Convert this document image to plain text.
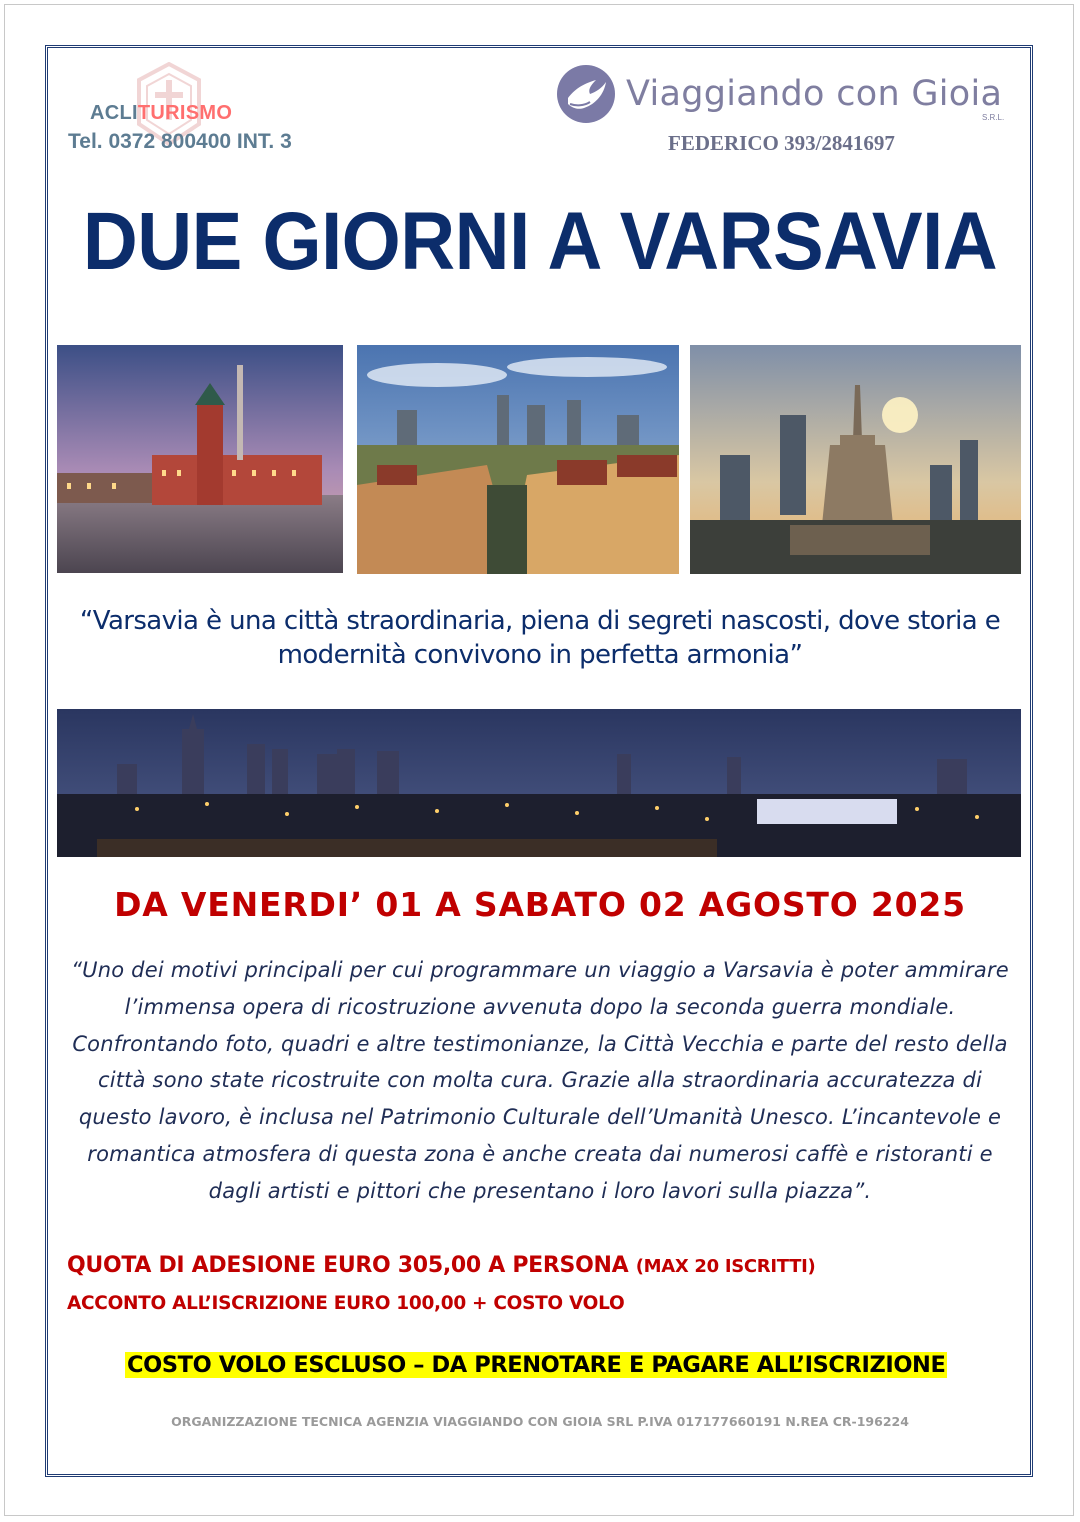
ACLITURISMO
Tel. 0372 800400 INT. 3
Viaggiando con Gioia
S.R.L.
FEDERICO 393/2841697
DUE GIORNI A VARSAVIA
“Varsavia è una città straordinaria, piena di segreti nascosti, dove storia e modernità convivono in perfetta armonia”
DA VENERDI’ 01 A SABATO 02 AGOSTO 2025
“Uno dei motivi principali per cui programmare un viaggio a Varsavia è poter ammirare l’immensa opera di ricostruzione avvenuta dopo la seconda guerra mondiale. Confrontando foto, quadri e altre testimonianze, la Città Vecchia e parte del resto della città sono state ricostruite con molta cura. Grazie alla straordinaria accuratezza di questo lavoro, è inclusa nel Patrimonio Culturale dell’Umanità Unesco. L’incantevole e romantica atmosfera di questa zona è anche creata dai numerosi caffè e ristoranti e dagli artisti e pittori che presentano i loro lavori sulla piazza”.
QUOTA DI ADESIONE EURO 305,00 A PERSONA (MAX 20 ISCRITTI)
ACCONTO ALL’ISCRIZIONE EURO 100,00 + COSTO VOLO
COSTO VOLO ESCLUSO – DA PRENOTARE E PAGARE ALL’ISCRIZIONE
ORGANIZZAZIONE TECNICA AGENZIA VIAGGIANDO CON GIOIA SRL P.IVA 017177660191 N.REA CR-196224
